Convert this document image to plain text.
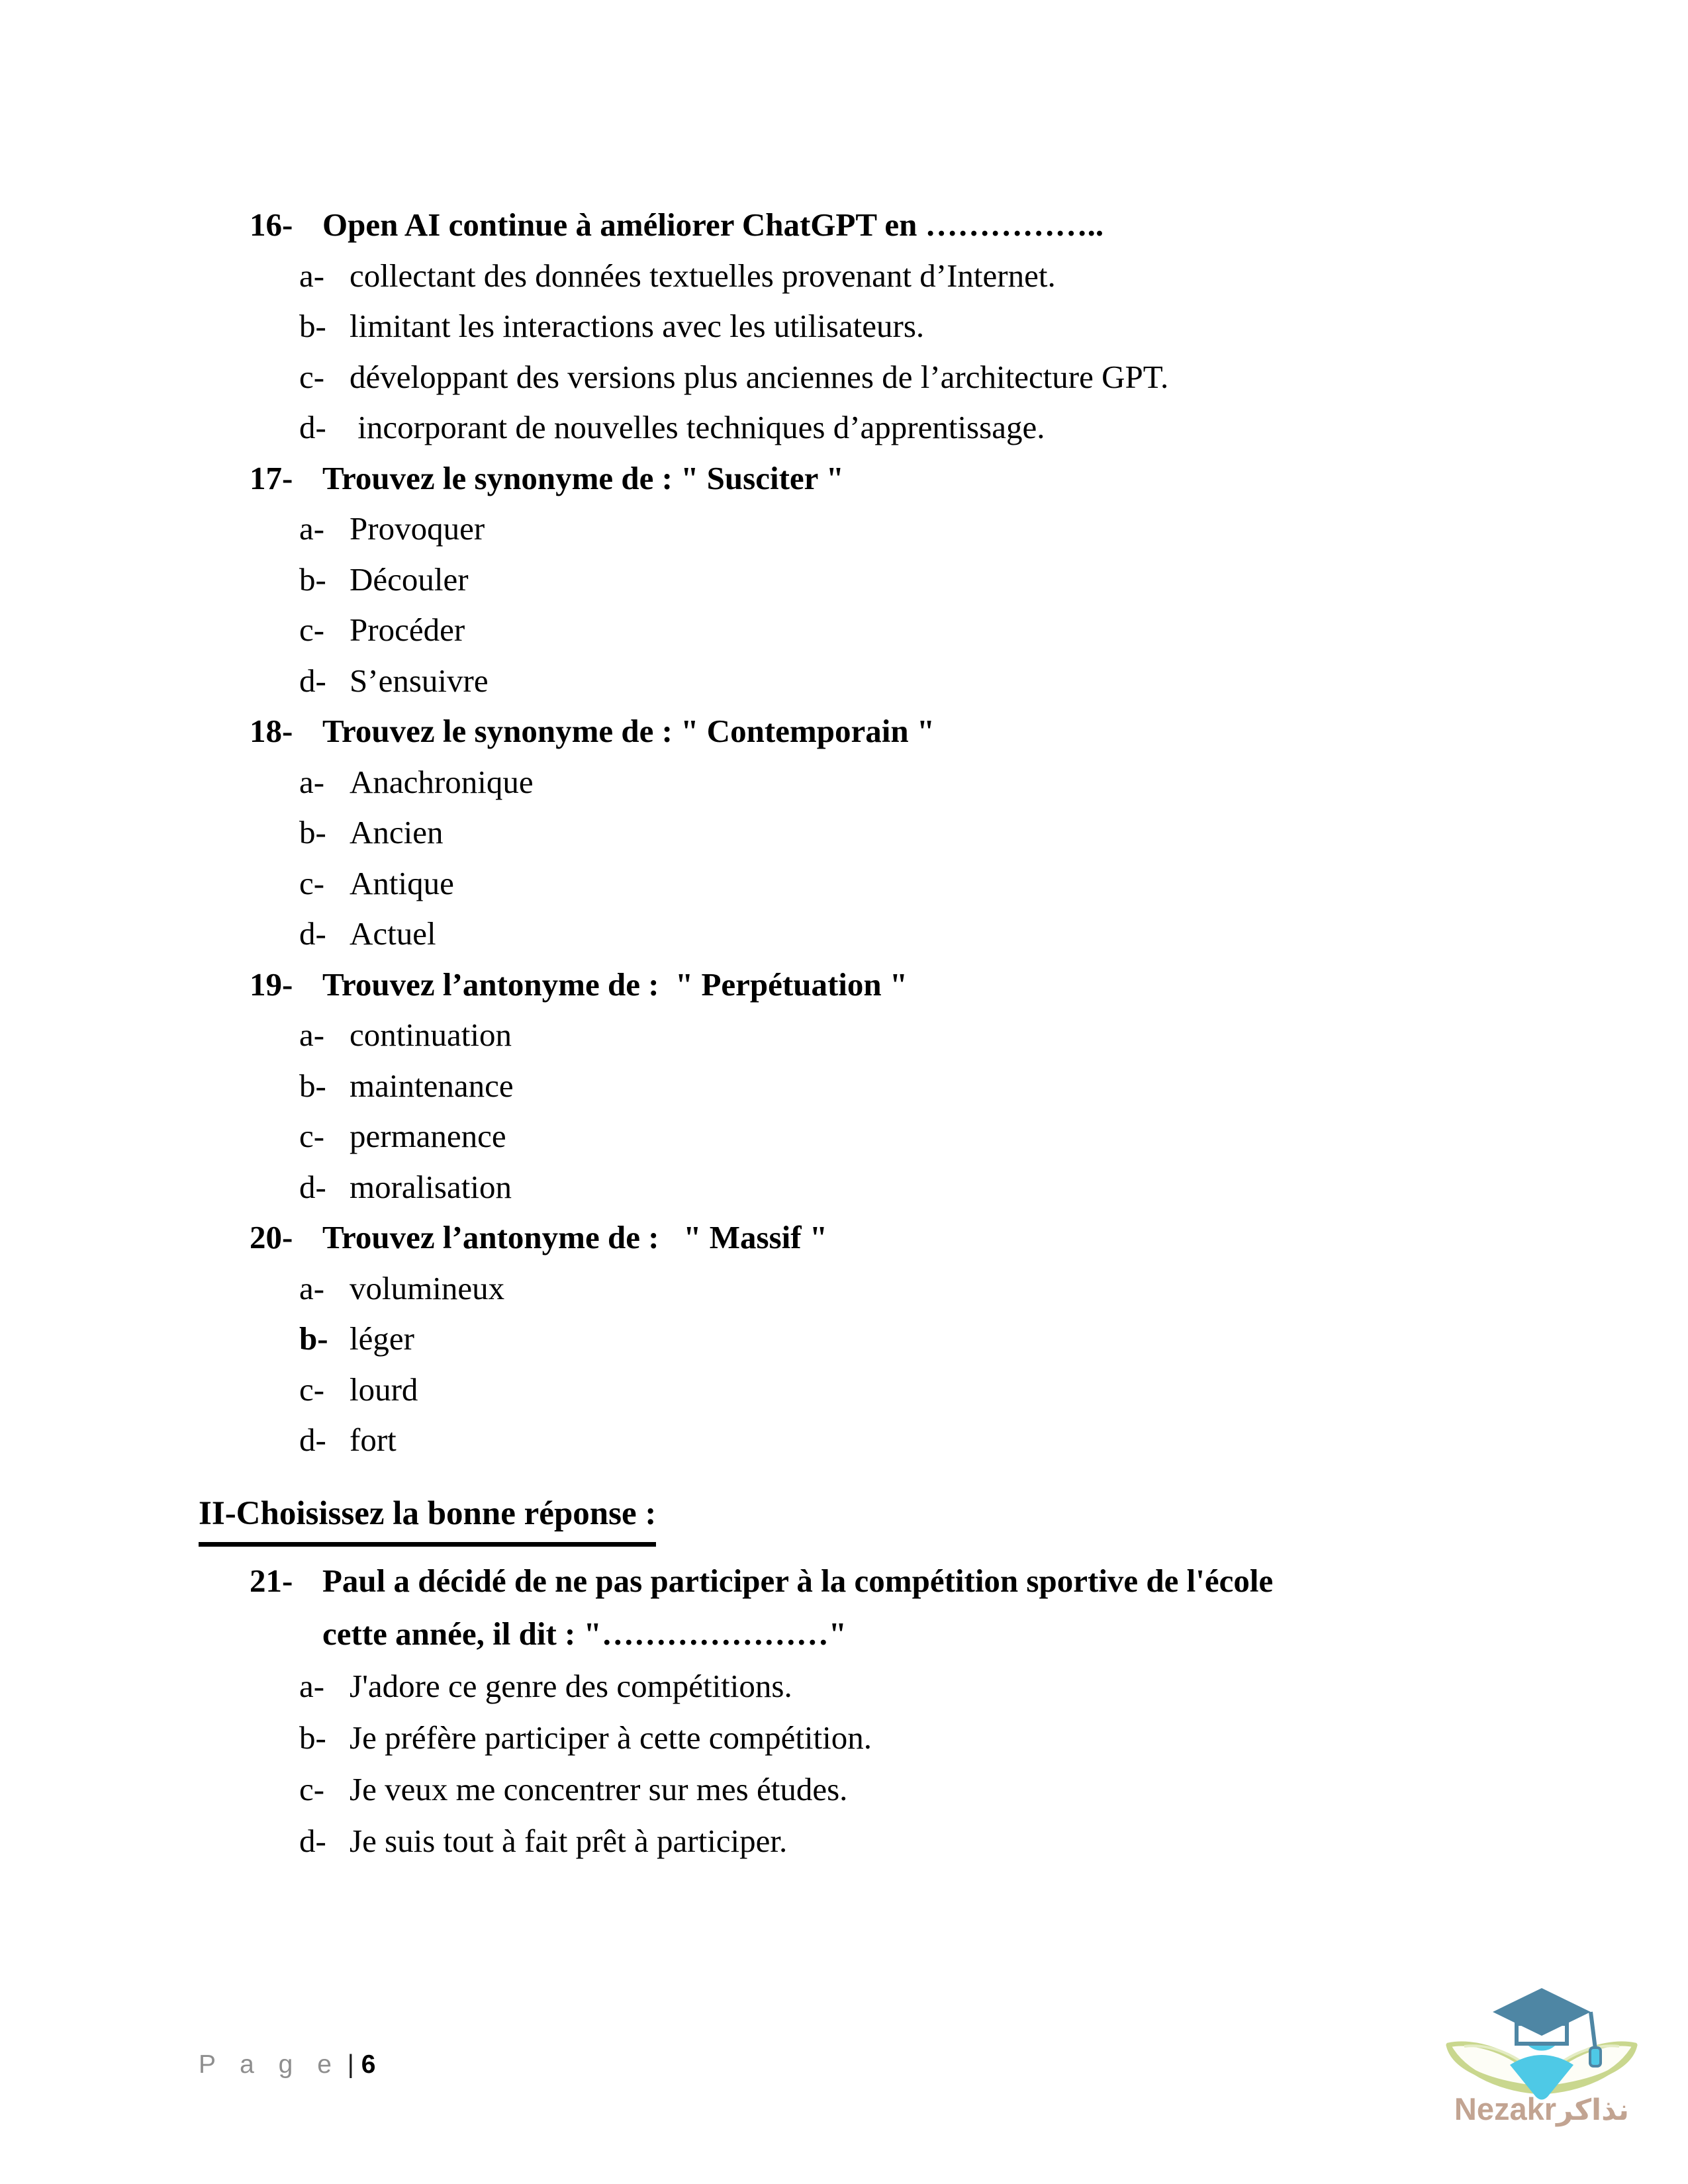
16- Open AI continue à améliorer ChatGPT en ……………..
a- collectant des données textuelles provenant d’Internet.
b- limitant les interactions avec les utilisateurs.
c- développant des versions plus anciennes de l’architecture GPT.
d- incorporant de nouvelles techniques d’apprentissage.
17- Trouvez le synonyme de : " Susciter "
a- Provoquer
b- Découler
c- Procéder
d- S’ensuivre
18- Trouvez le synonyme de : " Contemporain "
a- Anachronique
b- Ancien
c- Antique
d- Actuel
19- Trouvez l’antonyme de :  " Perpétuation "
a- continuation
b- maintenance
c- permanence
d- moralisation
20- Trouvez l’antonyme de :   " Massif "
a- volumineux
b- léger
c- lourd
d- fort
II-Choisissez la bonne réponse :
21- Paul a décidé de ne pas participer à la compétition sportive de l'école
cette année, il dit : "…………………"
a- J'adore ce genre des compétitions.
b- Je préfère participer à cette compétition.
c- Je veux me concentrer sur mes études.
d- Je suis tout à fait prêt à participer.
P a g e | 6
Nezakrنذاكر
